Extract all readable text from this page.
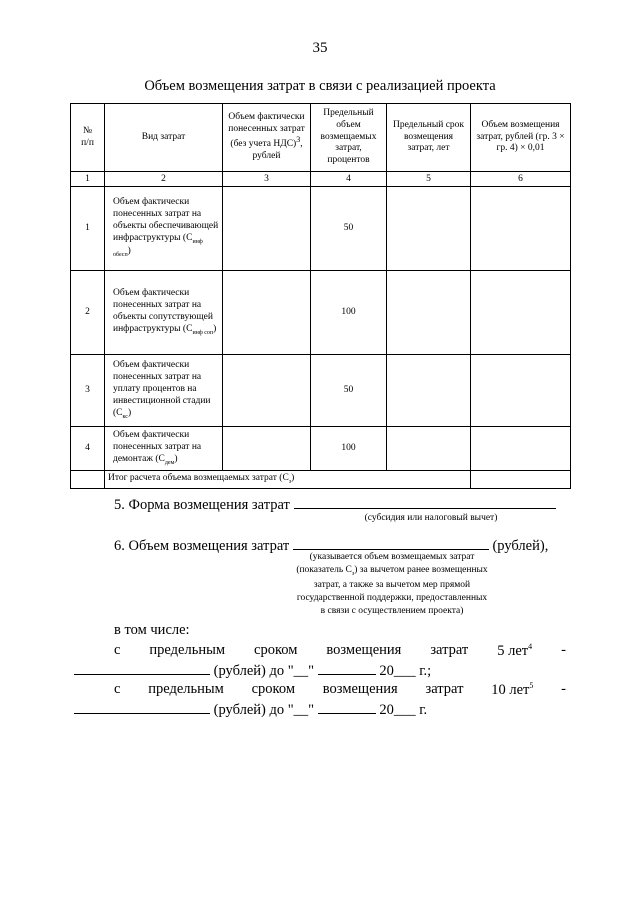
35
Объем возмещения затрат в связи с реализацией проекта
№
п/п	Вид затрат	Объем фактически понесенных затрат (без учета НДС)$^3$, рублей	Предельный объем возмещаемых затрат, процентов	Предельный срок возмещения затрат, лет	Объем возмещения затрат, рублей (гр. 3 × гр. 4) × 0,01
1	2	3	4	5	6
1	Объем фактически понесенных затрат на объекты обеспечивающей инфраструктуры $(С_{инф обесп})$		50		
2	Объем фактически понесенных затрат на объекты сопутствующей инфраструктуры $(С_{инф соп})$		100		
3	Объем фактически понесенных затрат на уплату процентов на инвестиционной стадии $(С_{кс})$		50		
4	Объем фактически понесенных затрат на демонтаж $(С_{дем})$		100		
	Итог расчета объема возмещаемых затрат $(С_з)$				
5. Форма возмещения затрат
(субсидия или налоговый вычет)
6. Объем возмещения затрат	(рублей),
(указывается объем возмещаемых затрат
(показатель $С_з$) за вычетом ранее возмещенных
затрат, а также за вычетом мер прямой
государственной поддержки, предоставленных
в связи с осуществлением проекта)
в том числе:
с предельным сроком возмещения затрат 5 лет$^4$ -
(рублей) до "__"	20___ г.;
с предельным сроком возмещения затрат 10 лет$^5$ -
(рублей) до "__"	20___ г.
